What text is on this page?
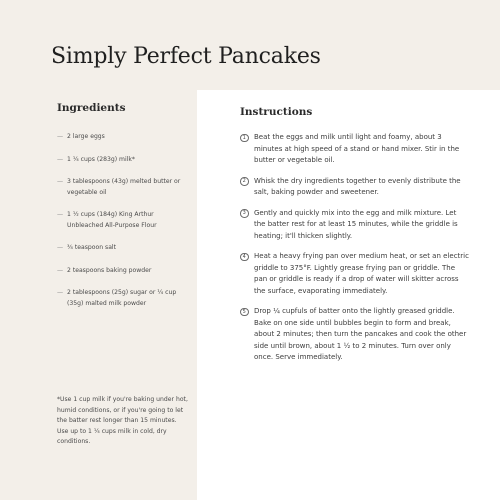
Simply Perfect Pancakes
Ingredients
— 2 large eggs
— 1 ¼ cups (283g) milk*
— 3 tablespoons (43g) melted butter or vegetable oil
— 1 ½ cups (184g) King Arthur Unbleached All-Purpose Flour
— ¾ teaspoon salt
— 2 teaspoons baking powder
— 2 tablespoons (25g) sugar or ¼ cup (35g) malted milk powder

*Use 1 cup milk if you're baking under hot, humid conditions, or if you're going to let the batter rest longer than 15 minutes. Use up to 1 ¼ cups milk in cold, dry conditions.

Instructions
1	Beat the eggs and milk until light and foamy, about 3 minutes at high speed of a stand or hand mixer. Stir in the butter or vegetable oil.
2	Whisk the dry ingredients together to evenly distribute the salt, baking powder and sweetener.
3	Gently and quickly mix into the egg and milk mixture. Let the batter rest for at least 15 minutes, while the griddle is heating; it'll thicken slightly.
4	Heat a heavy frying pan over medium heat, or set an electric griddle to 375°F. Lightly grease frying pan or griddle. The pan or griddle is ready if a drop of water will skitter across the surface, evaporating immediately.
5	Drop ¼ cupfuls of batter onto the lightly greased griddle. Bake on one side until bubbles begin to form and break, about 2 minutes; then turn the pancakes and cook the other side until brown, about 1 ½ to 2 minutes. Turn over only once. Serve immediately.
